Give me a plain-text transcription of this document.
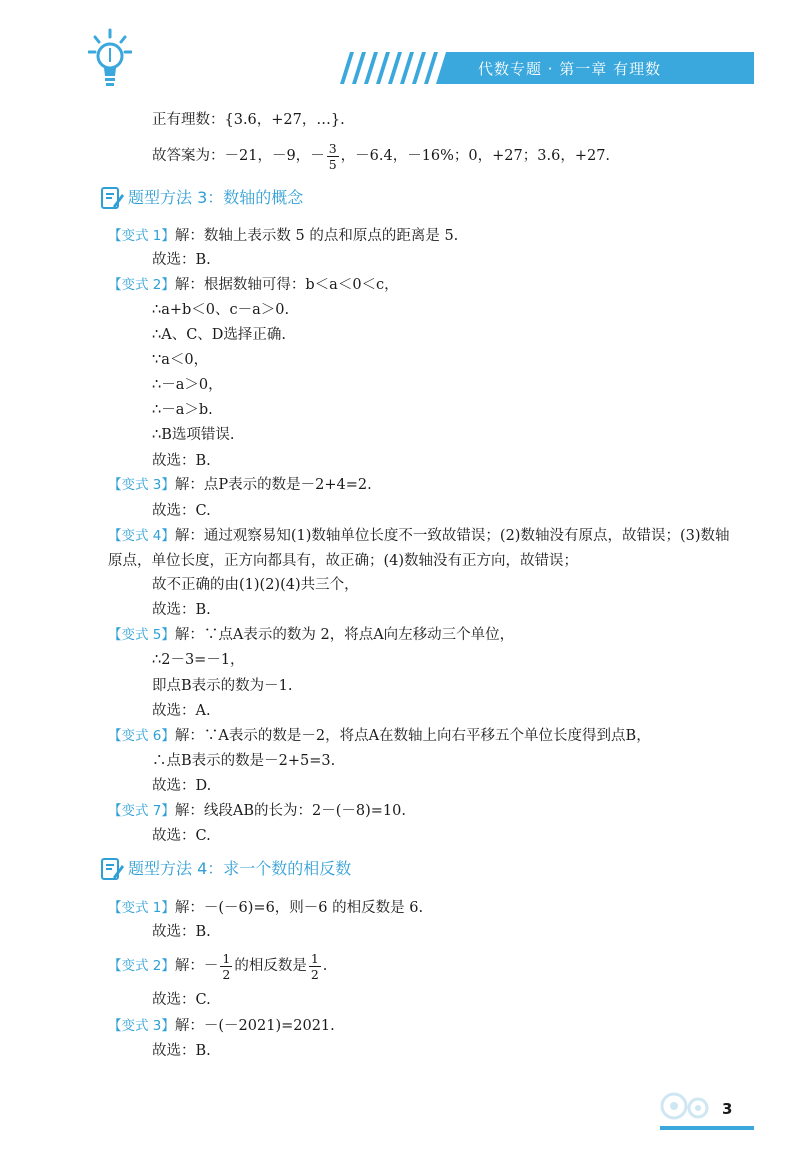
代数专题 · 第一章 有理数
正有理数：{3.6，+27，…}.
故答案为：－21，－9，－ $\frac{3}{5}$ ，－6.4，－16%；0，+27；3.6，+27.
题型方法 3：数轴的概念
【变式 1】解：数轴上表示数 5 的点和原点的距离是 5.
故选：B.
【变式 2】解：根据数轴可得：b＜a＜0＜c，
∴a+b＜0、c－a＞0.
∴A、C、D选择正确.
∵a＜0，
∴－a＞0，
∴－a＞b.
∴B选项错误.
故选：B.
【变式 3】解：点P表示的数是－2+4=2.
故选：C.
【变式 4】解：通过观察易知(1)数轴单位长度不一致故错误；(2)数轴没有原点，故错误；(3)数轴
原点，单位长度，正方向都具有，故正确；(4)数轴没有正方向，故错误；
故不正确的由(1)(2)(4)共三个，
故选：B.
【变式 5】解：∵点A表示的数为 2，将点A向左移动三个单位，
∴2－3=－1，
即点B表示的数为－1.
故选：A.
【变式 6】解：∵A表示的数是－2，将点A在数轴上向右平移五个单位长度得到点B，
∴点B表示的数是－2+5=3.
故选：D.
【变式 7】解：线段AB的长为：2－(－8)=10.
故选：C.
题型方法 4：求一个数的相反数
【变式 1】解：－(－6)=6，则－6 的相反数是 6.
故选：B.
【变式 2】解：－ $\frac{1}{2}$ 的相反数是 $\frac{1}{2}$ .
故选：C.
【变式 3】解：－(－2021)=2021.
故选：B.
3
